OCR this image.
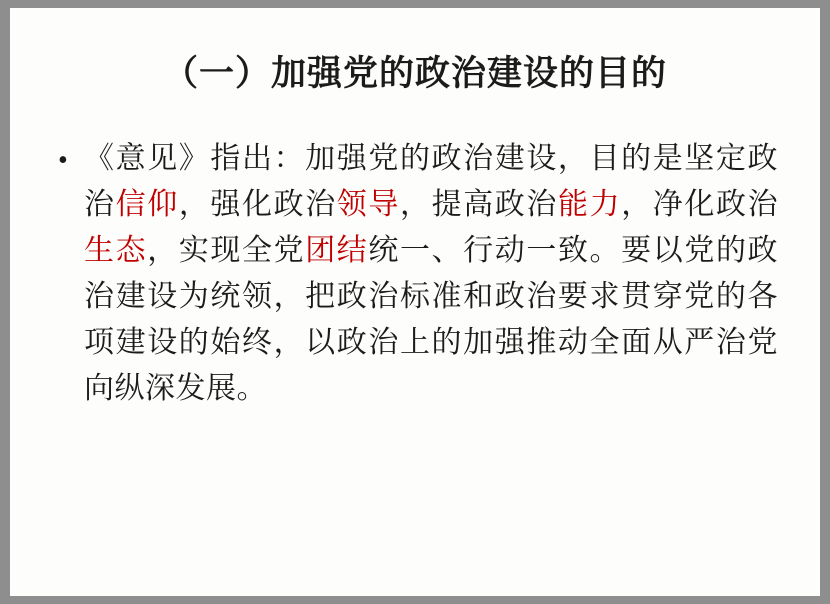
（一）加强党的政治建设的目的
• 《意见》指出：加强党的政治建设，目的是坚定政治信仰，强化政治领导，提高政治能力，净化政治生态，实现全党团结统一、行动一致。要以党的政治建设为统领，把政治标准和政治要求贯穿党的各项建设的始终，以政治上的加强推动全面从严治党向纵深发展。
